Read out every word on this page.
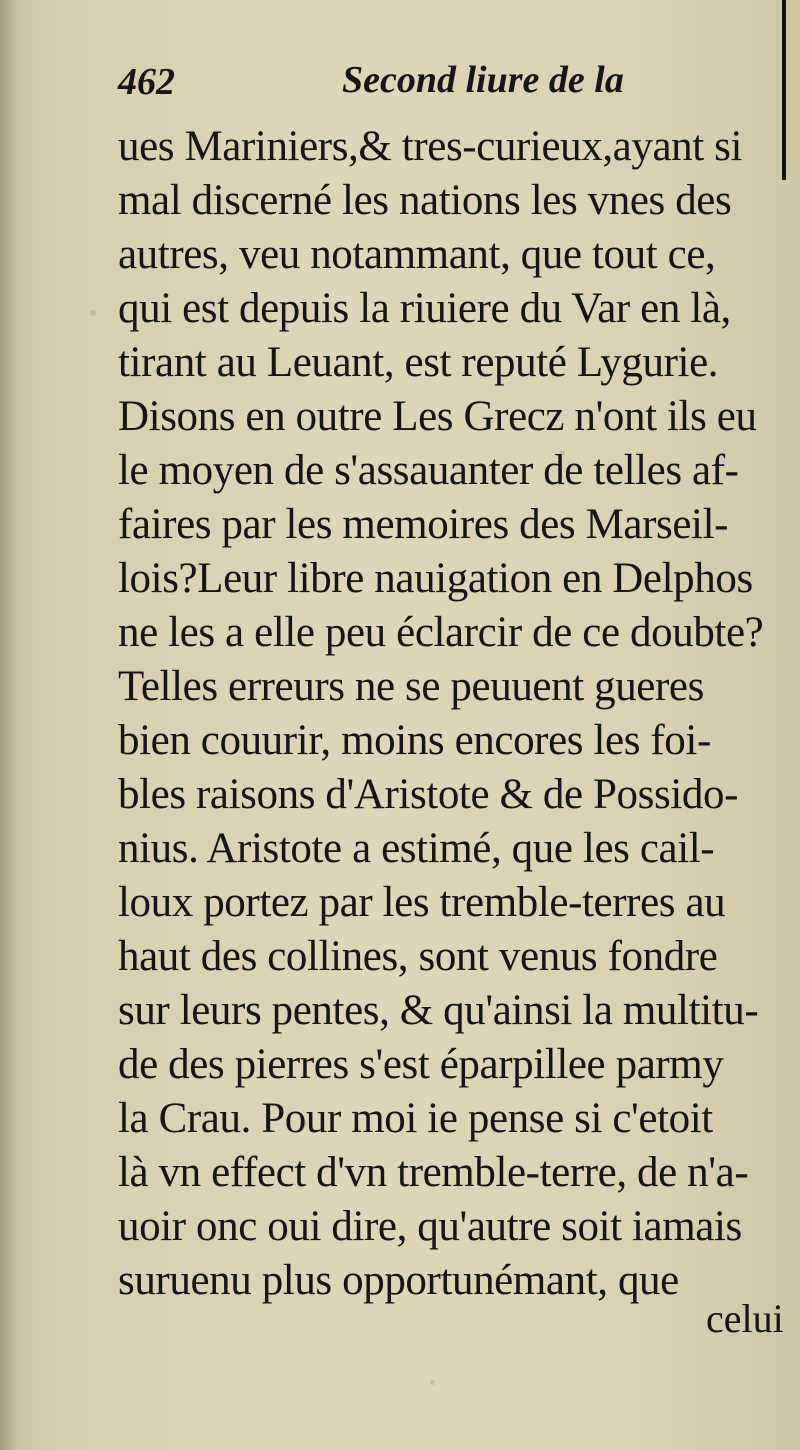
462	Second liure de la
ues Mariniers,& tres-curieux,ayant si
mal discerné les nations les vnes des
autres, veu notammant, que tout ce,
qui est depuis la riuiere du Var en là,
tirant au Leuant, est reputé Lygurie.
Disons en outre Les Grecz n'ont ils eu
le moyen de s'assauanter de telles af-
faires par les memoires des Marseil-
lois?Leur libre nauigation en Delphos
ne les a elle peu éclarcir de ce doubte?
Telles erreurs ne se peuuent gueres
bien couurir, moins encores les foi-
bles raisons d'Aristote & de Possido-
nius. Aristote a estimé, que les cail-
loux portez par les tremble-terres au
haut des collines, sont venus fondre
sur leurs pentes, & qu'ainsi la multitu-
de des pierres s'est éparpillee parmy
la Crau. Pour moi ie pense si c'etoit
là vn effect d'vn tremble-terre, de n'a-
uoir onc oui dire, qu'autre soit iamais
suruenu plus opportunémant, que
celui
